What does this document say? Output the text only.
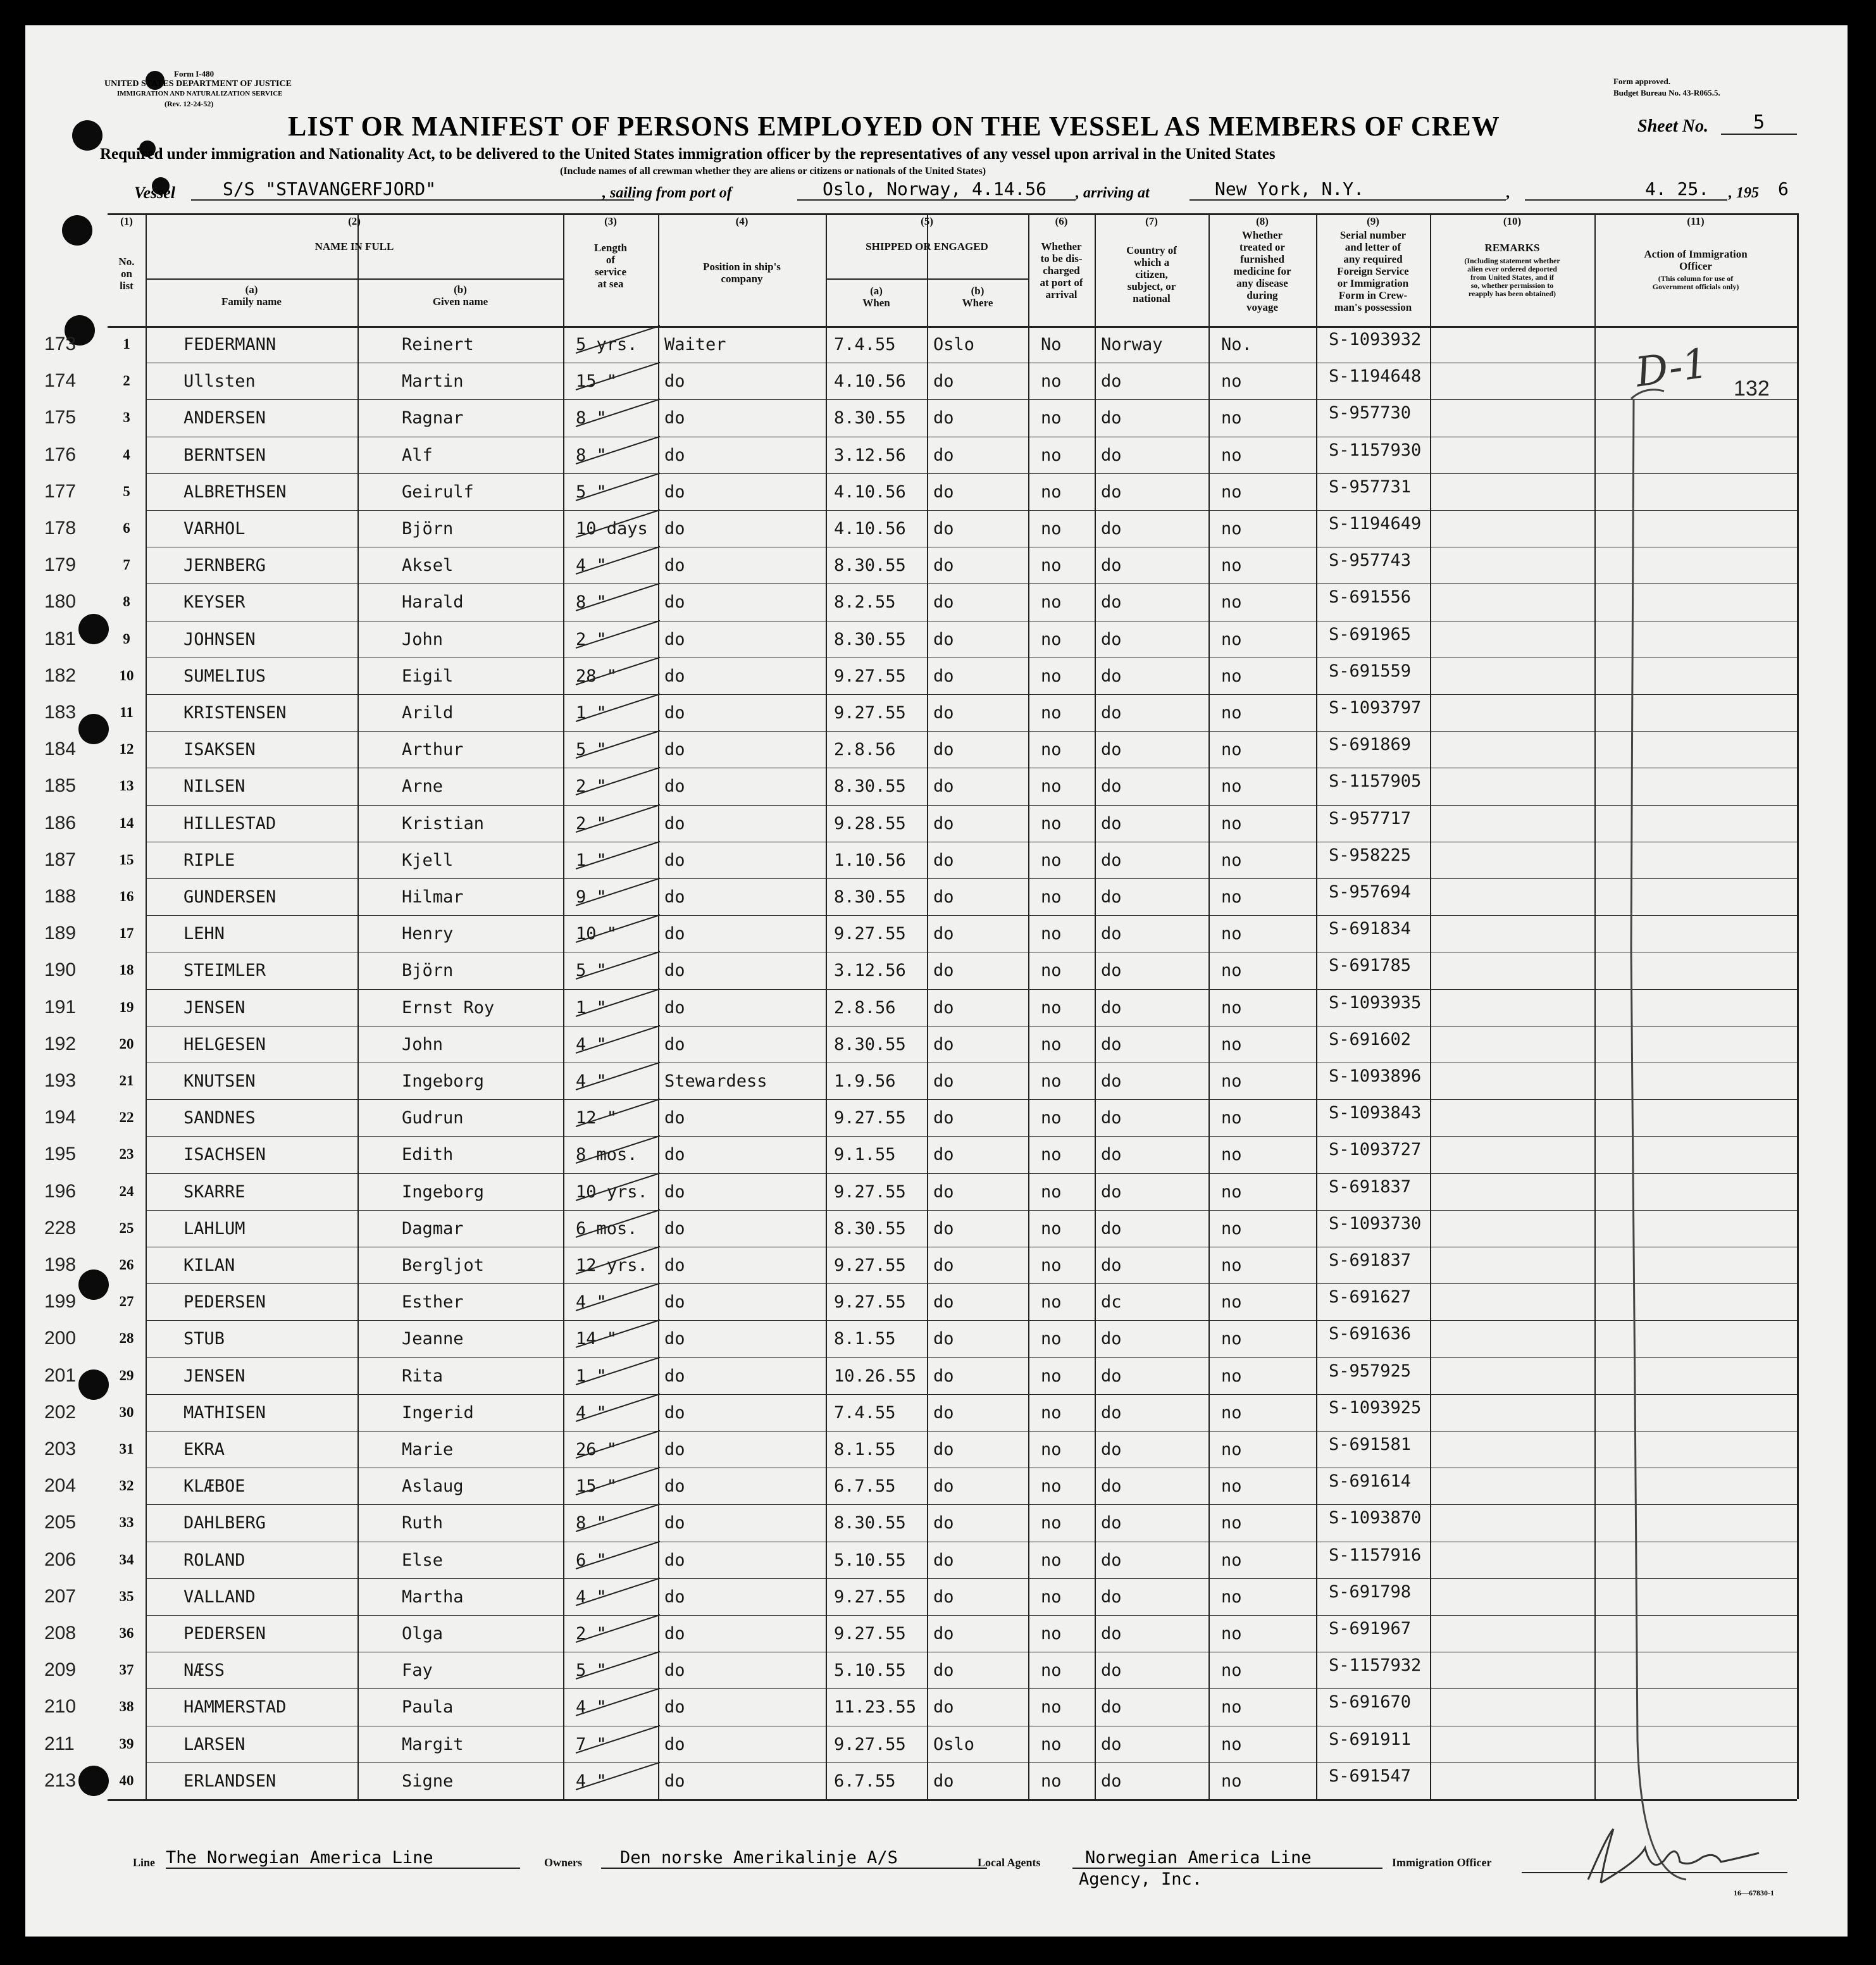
Form I-480
UNITED STATES DEPARTMENT OF JUSTICE
IMMIGRATION AND NATURALIZATION SERVICE
(Rev. 12-24-52)
Form approved.
Budget Bureau No. 43-R065.5.
LIST OR MANIFEST OF PERSONS EMPLOYED ON THE VESSEL AS MEMBERS OF CREW	Sheet No.	5
Required under immigration and Nationality Act, to be delivered to the United States immigration officer by the representatives of any vessel upon arrival in the United States
(Include names of all crewman whether they are aliens or citizens or nationals of the United States)
Vessel	S/S "STAVANGERFJORD"	, sailing from port of	Oslo, Norway, 4.14.56	, arriving at	New York, N.Y.	,	4. 25.	, 195 6
(1)
No.
on
list
(2)
NAME IN FULL
(a)
Family name
(b)
Given name
(3)
Length
of
service
at sea
(4)
Position in ship's
company
(5)
SHIPPED OR ENGAGED
(a)
When
(b)
Where
(6)
Whether
to be dis-
charged
at port of
arrival
(7)
Country of
which a
citizen,
subject, or
national
(8)
Whether
treated or
furnished
medicine for
any disease
during
voyage
(9)
Serial number
and letter of
any required
Foreign Service
or Immigration
Form in Crew-
man's possession
(10)
REMARKS
(Including statement whether
alien ever ordered deported
from United States, and if
so, whether permission to
reapply has been obtained)
(11)
Action of Immigration
Officer
(This column for use of
Government officials only)
173	1	FEDERMANN	Reinert	5 yrs. Waiter	7.4.55 Oslo	No Norway	No.	S-1093932
174	2	Ullsten	Martin	15 "	do	4.10.56 do	no do	no	S-1194648
175	3	ANDERSEN	Ragnar	8 "	do	8.30.55 do	no do	no	S-957730
176	4	BERNTSEN	Alf	8 "	do	3.12.56 do	no do	no	S-1157930
177	5	ALBRETHSEN	Geirulf	5 "	do	4.10.56 do	no do	no	S-957731
178	6	VARHOL	Björn	10 days do	4.10.56 do	no do	no	S-1194649
179	7	JERNBERG	Aksel	4 "	do	8.30.55 do	no do	no	S-957743
180	8	KEYSER	Harald	8 "	do	8.2.55 do	no do	no	S-691556
181	9	JOHNSEN	John	2 "	do	8.30.55 do	no do	no	S-691965
182	10	SUMELIUS	Eigil	28 "	do	9.27.55 do	no do	no	S-691559
183	11	KRISTENSEN	Arild	1 "	do	9.27.55 do	no do	no	S-1093797
184	12	ISAKSEN	Arthur	5 "	do	2.8.56 do	no do	no	S-691869
185	13	NILSEN	Arne	2 "	do	8.30.55 do	no do	no	S-1157905
186	14	HILLESTAD	Kristian	2 "	do	9.28.55 do	no do	no	S-957717
187	15	RIPLE	Kjell	1 "	do	1.10.56 do	no do	no	S-958225
188	16	GUNDERSEN	Hilmar	9 "	do	8.30.55 do	no do	no	S-957694
189	17	LEHN	Henry	10 "	do	9.27.55 do	no do	no	S-691834
190	18	STEIMLER	Björn	5 "	do	3.12.56 do	no do	no	S-691785
191	19	JENSEN	Ernst Roy	1 "	do	2.8.56 do	no do	no	S-1093935
192	20	HELGESEN	John	4 "	do	8.30.55 do	no do	no	S-691602
193	21	KNUTSEN	Ingeborg	4 "	Stewardess	1.9.56 do	no do	no	S-1093896
194	22	SANDNES	Gudrun	12 "	do	9.27.55 do	no do	no	S-1093843
195	23	ISACHSEN	Edith	8 mos. do	9.1.55 do	no do	no	S-1093727
196	24	SKARRE	Ingeborg	10 yrs. do	9.27.55 do	no do	no	S-691837
228	25	LAHLUM	Dagmar	6 mos. do	8.30.55 do	no do	no	S-1093730
198	26	KILAN	Bergljot	12 yrs. do	9.27.55 do	no do	no	S-691837
199	27	PEDERSEN	Esther	4 "	do	9.27.55 do	no dc	no	S-691627
200	28	STUB	Jeanne	14 "	do	8.1.55 do	no do	no	S-691636
201	29	JENSEN	Rita	1 "	do	10.26.55 do	no do	no	S-957925
202	30	MATHISEN	Ingerid	4 "	do	7.4.55 do	no do	no	S-1093925
203	31	EKRA	Marie	26 "	do	8.1.55 do	no do	no	S-691581
204	32	KLÆBOE	Aslaug	15 "	do	6.7.55 do	no do	no	S-691614
205	33	DAHLBERG	Ruth	8 "	do	8.30.55 do	no do	no	S-1093870
206	34	ROLAND	Else	6 "	do	5.10.55 do	no do	no	S-1157916
207	35	VALLAND	Martha	4 "	do	9.27.55 do	no do	no	S-691798
208	36	PEDERSEN	Olga	2 "	do	9.27.55 do	no do	no	S-691967
209	37	NÆSS	Fay	5 "	do	5.10.55 do	no do	no	S-1157932
210	38	HAMMERSTAD	Paula	4 "	do	11.23.55 do	no do	no	S-691670
211	39	LARSEN	Margit	7 "	do	9.27.55 Oslo	no do	no	S-691911
213	40	ERLANDSEN	Signe	4 "	do	6.7.55 do	no do	no	S-691547
132
D-1
Line The Norwegian America Line	Owners	Den norske Amerikalinje A/S	Local Agents	Norwegian America Line
Agency, Inc.
Immigration Officer
16—67830-1
